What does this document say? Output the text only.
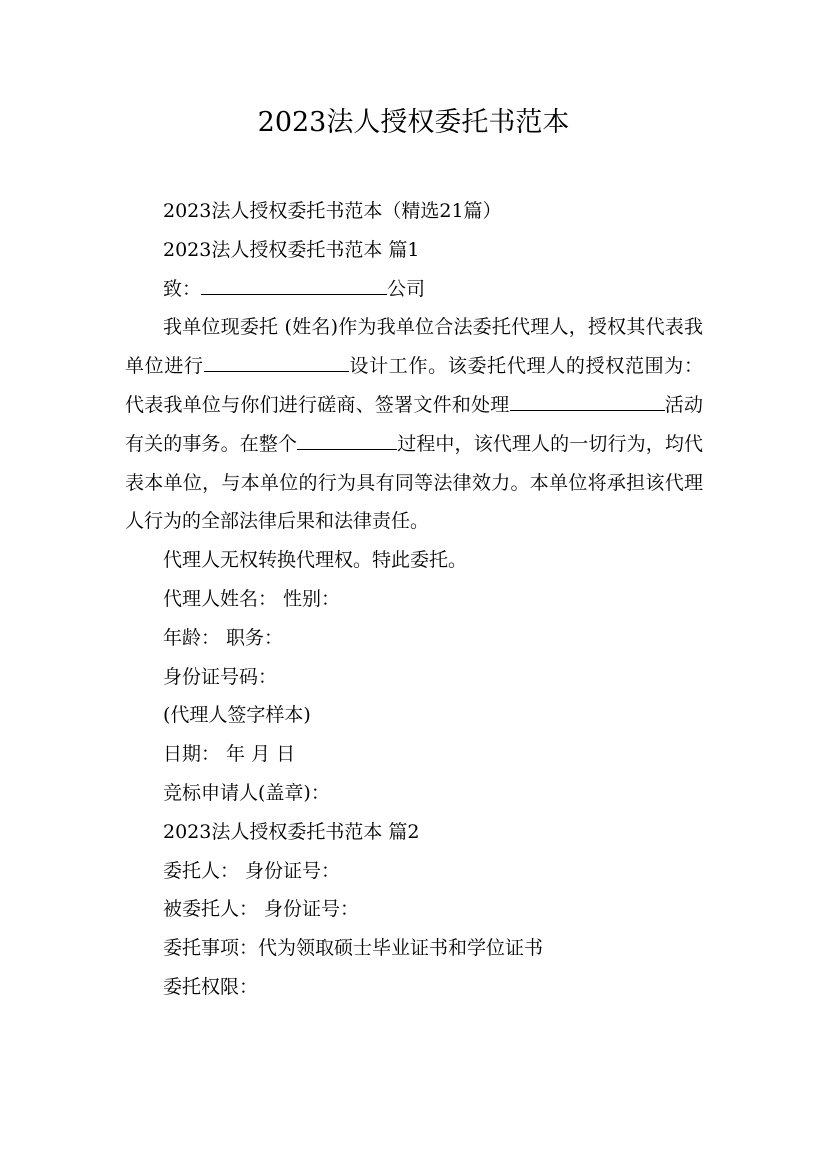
2023法人授权委托书范本

2023法人授权委托书范本（精选21篇）

2023法人授权委托书范本 篇1

致：	公司

我单位现委托 (姓名)作为我单位合法委托代理人，授权其代表我单位进行	设计工作。该委托代理人的授权范围为：代表我单位与你们进行磋商、签署文件和处理	活动有关的事务。在整个	过程中，该代理人的一切行为，均代表本单位，与本单位的行为具有同等法律效力。本单位将承担该代理人行为的全部法律后果和法律责任。

代理人无权转换代理权。特此委托。

代理人姓名： 性别：

年龄： 职务：

身份证号码：

(代理人签字样本)

日期： 年 月 日

竞标申请人(盖章)：

2023法人授权委托书范本 篇2

委托人： 身份证号：

被委托人： 身份证号：

委托事项：代为领取硕士毕业证书和学位证书

委托权限：
